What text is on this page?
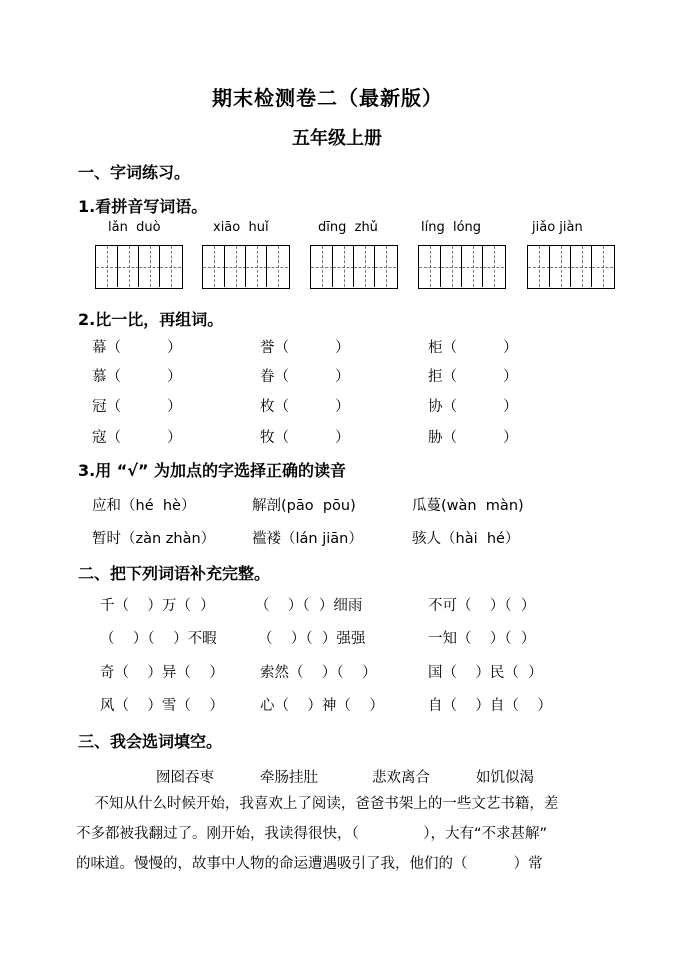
期末检测卷二（最新版）
五年级上册
一、字词练习。
1.看拼音写词语。
lǎn  duò	xiāo  huǐ	dīng  zhǔ	líng  lóng	jiǎo jiàn
2.比一比，再组词。
幕（          ）	誉（          ）	柜（          ）
慕（          ）	眷（          ）	拒（          ）
冠（          ）	枚（          ）	协（          ）
寇（          ）	牧（          ）	胁（          ）
3.用 “√” 为加点的字选择正确的读音
应和（hé  hè）	解剖(pāo  pōu)	瓜蔓(wàn  màn)
暂时（zàn zhàn）	褴褛（lán jiān）	骇人（hài  hé）
二、把下列词语补充完整。
千（    ）万（  ）	（    ）（  ）细雨	不可（    ）（  ）
（    ）（    ）不暇	（    ）（  ）强强	一知（    ）（  ）
奇（    ）异（    ） 索然（    ）（    ）	国（    ）民（  ）
风（    ）雪（    ） 心（    ）神（    ）	自（    ）自（    ）
三、我会选词填空。
囫囵吞枣	牵肠挂肚	悲欢离合	如饥似渴
不知从什么时候开始，我喜欢上了阅读，爸爸书架上的一些文艺书籍，差
不多都被我翻过了。刚开始，我读得很快，（              ），大有“不求甚解”
的味道。慢慢的，故事中人物的命运遭遇吸引了我，他们的（          ）常
